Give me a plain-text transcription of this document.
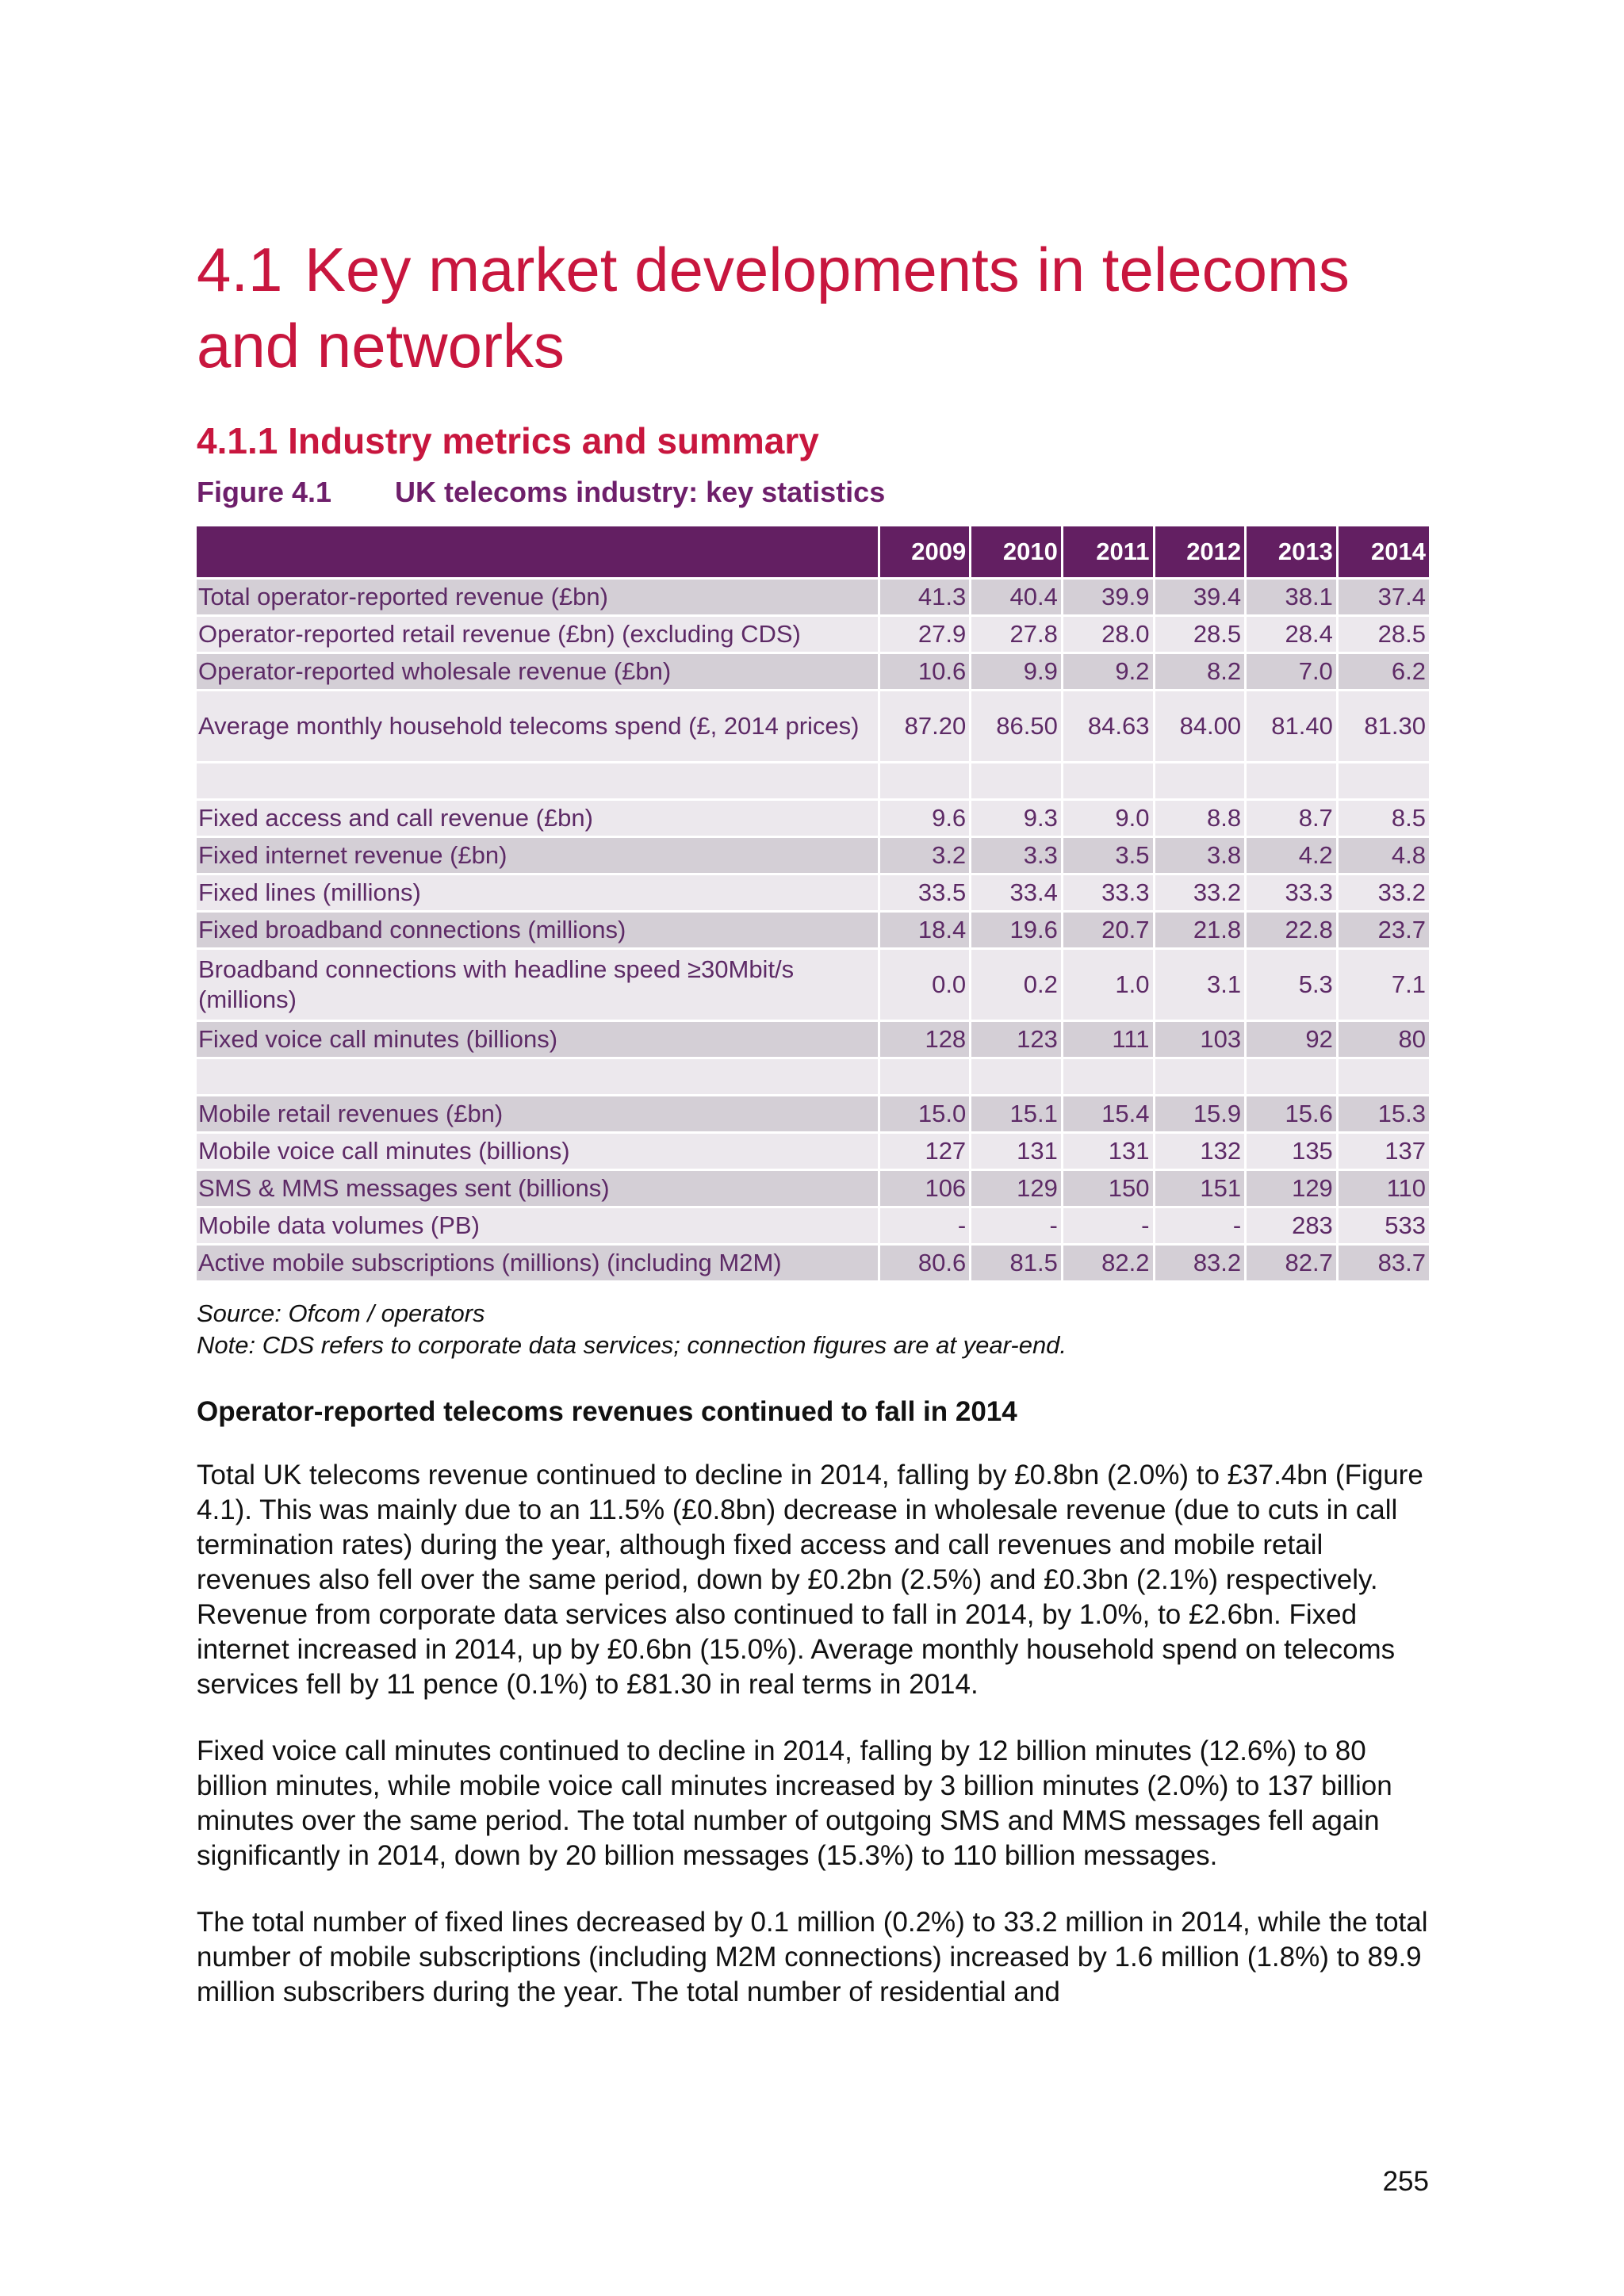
4.1 Key market developments in telecoms and networks
4.1.1 Industry metrics and summary
Figure 4.1 UK telecoms industry: key statistics
	2009	2010	2011	2012	2013	2014
Total operator-reported revenue (£bn)	41.3	40.4	39.9	39.4	38.1	37.4
Operator-reported retail revenue (£bn) (excluding CDS)	27.9	27.8	28.0	28.5	28.4	28.5
Operator-reported wholesale revenue (£bn)	10.6	9.9	9.2	8.2	7.0	6.2
Average monthly household telecoms spend (£, 2014 prices)	87.20	86.50	84.63	84.00	81.40	81.30

Fixed access and call revenue (£bn)	9.6	9.3	9.0	8.8	8.7	8.5
Fixed internet revenue (£bn)	3.2	3.3	3.5	3.8	4.2	4.8
Fixed lines (millions)	33.5	33.4	33.3	33.2	33.3	33.2
Fixed broadband connections (millions)	18.4	19.6	20.7	21.8	22.8	23.7
Broadband connections with headline speed ≥30Mbit/s (millions)	0.0	0.2	1.0	3.1	5.3	7.1
Fixed voice call minutes (billions)	128	123	111	103	92	80

Mobile retail revenues (£bn)	15.0	15.1	15.4	15.9	15.6	15.3
Mobile voice call minutes (billions)	127	131	131	132	135	137
SMS & MMS messages sent (billions)	106	129	150	151	129	110
Mobile data volumes (PB)	-	-	-	-	283	533
Active mobile subscriptions (millions) (including M2M)	80.6	81.5	82.2	83.2	82.7	83.7
Source: Ofcom / operators
Note: CDS refers to corporate data services; connection figures are at year-end.
Operator-reported telecoms revenues continued to fall in 2014
Total UK telecoms revenue continued to decline in 2014, falling by £0.8bn (2.0%) to £37.4bn (Figure 4.1). This was mainly due to an 11.5% (£0.8bn) decrease in wholesale revenue (due to cuts in call termination rates) during the year, although fixed access and call revenues and mobile retail revenues also fell over the same period, down by £0.2bn (2.5%) and £0.3bn (2.1%) respectively. Revenue from corporate data services also continued to fall in 2014, by 1.0%, to £2.6bn. Fixed internet increased in 2014, up by £0.6bn (15.0%). Average monthly household spend on telecoms services fell by 11 pence (0.1%) to £81.30 in real terms in 2014.
Fixed voice call minutes continued to decline in 2014, falling by 12 billion minutes (12.6%) to 80 billion minutes, while mobile voice call minutes increased by 3 billion minutes (2.0%) to 137 billion minutes over the same period. The total number of outgoing SMS and MMS messages fell again significantly in 2014, down by 20 billion messages (15.3%) to 110 billion messages.
The total number of fixed lines decreased by 0.1 million (0.2%) to 33.2 million in 2014, while the total number of mobile subscriptions (including M2M connections) increased by 1.6 million (1.8%) to 89.9 million subscribers during the year. The total number of residential and
255
